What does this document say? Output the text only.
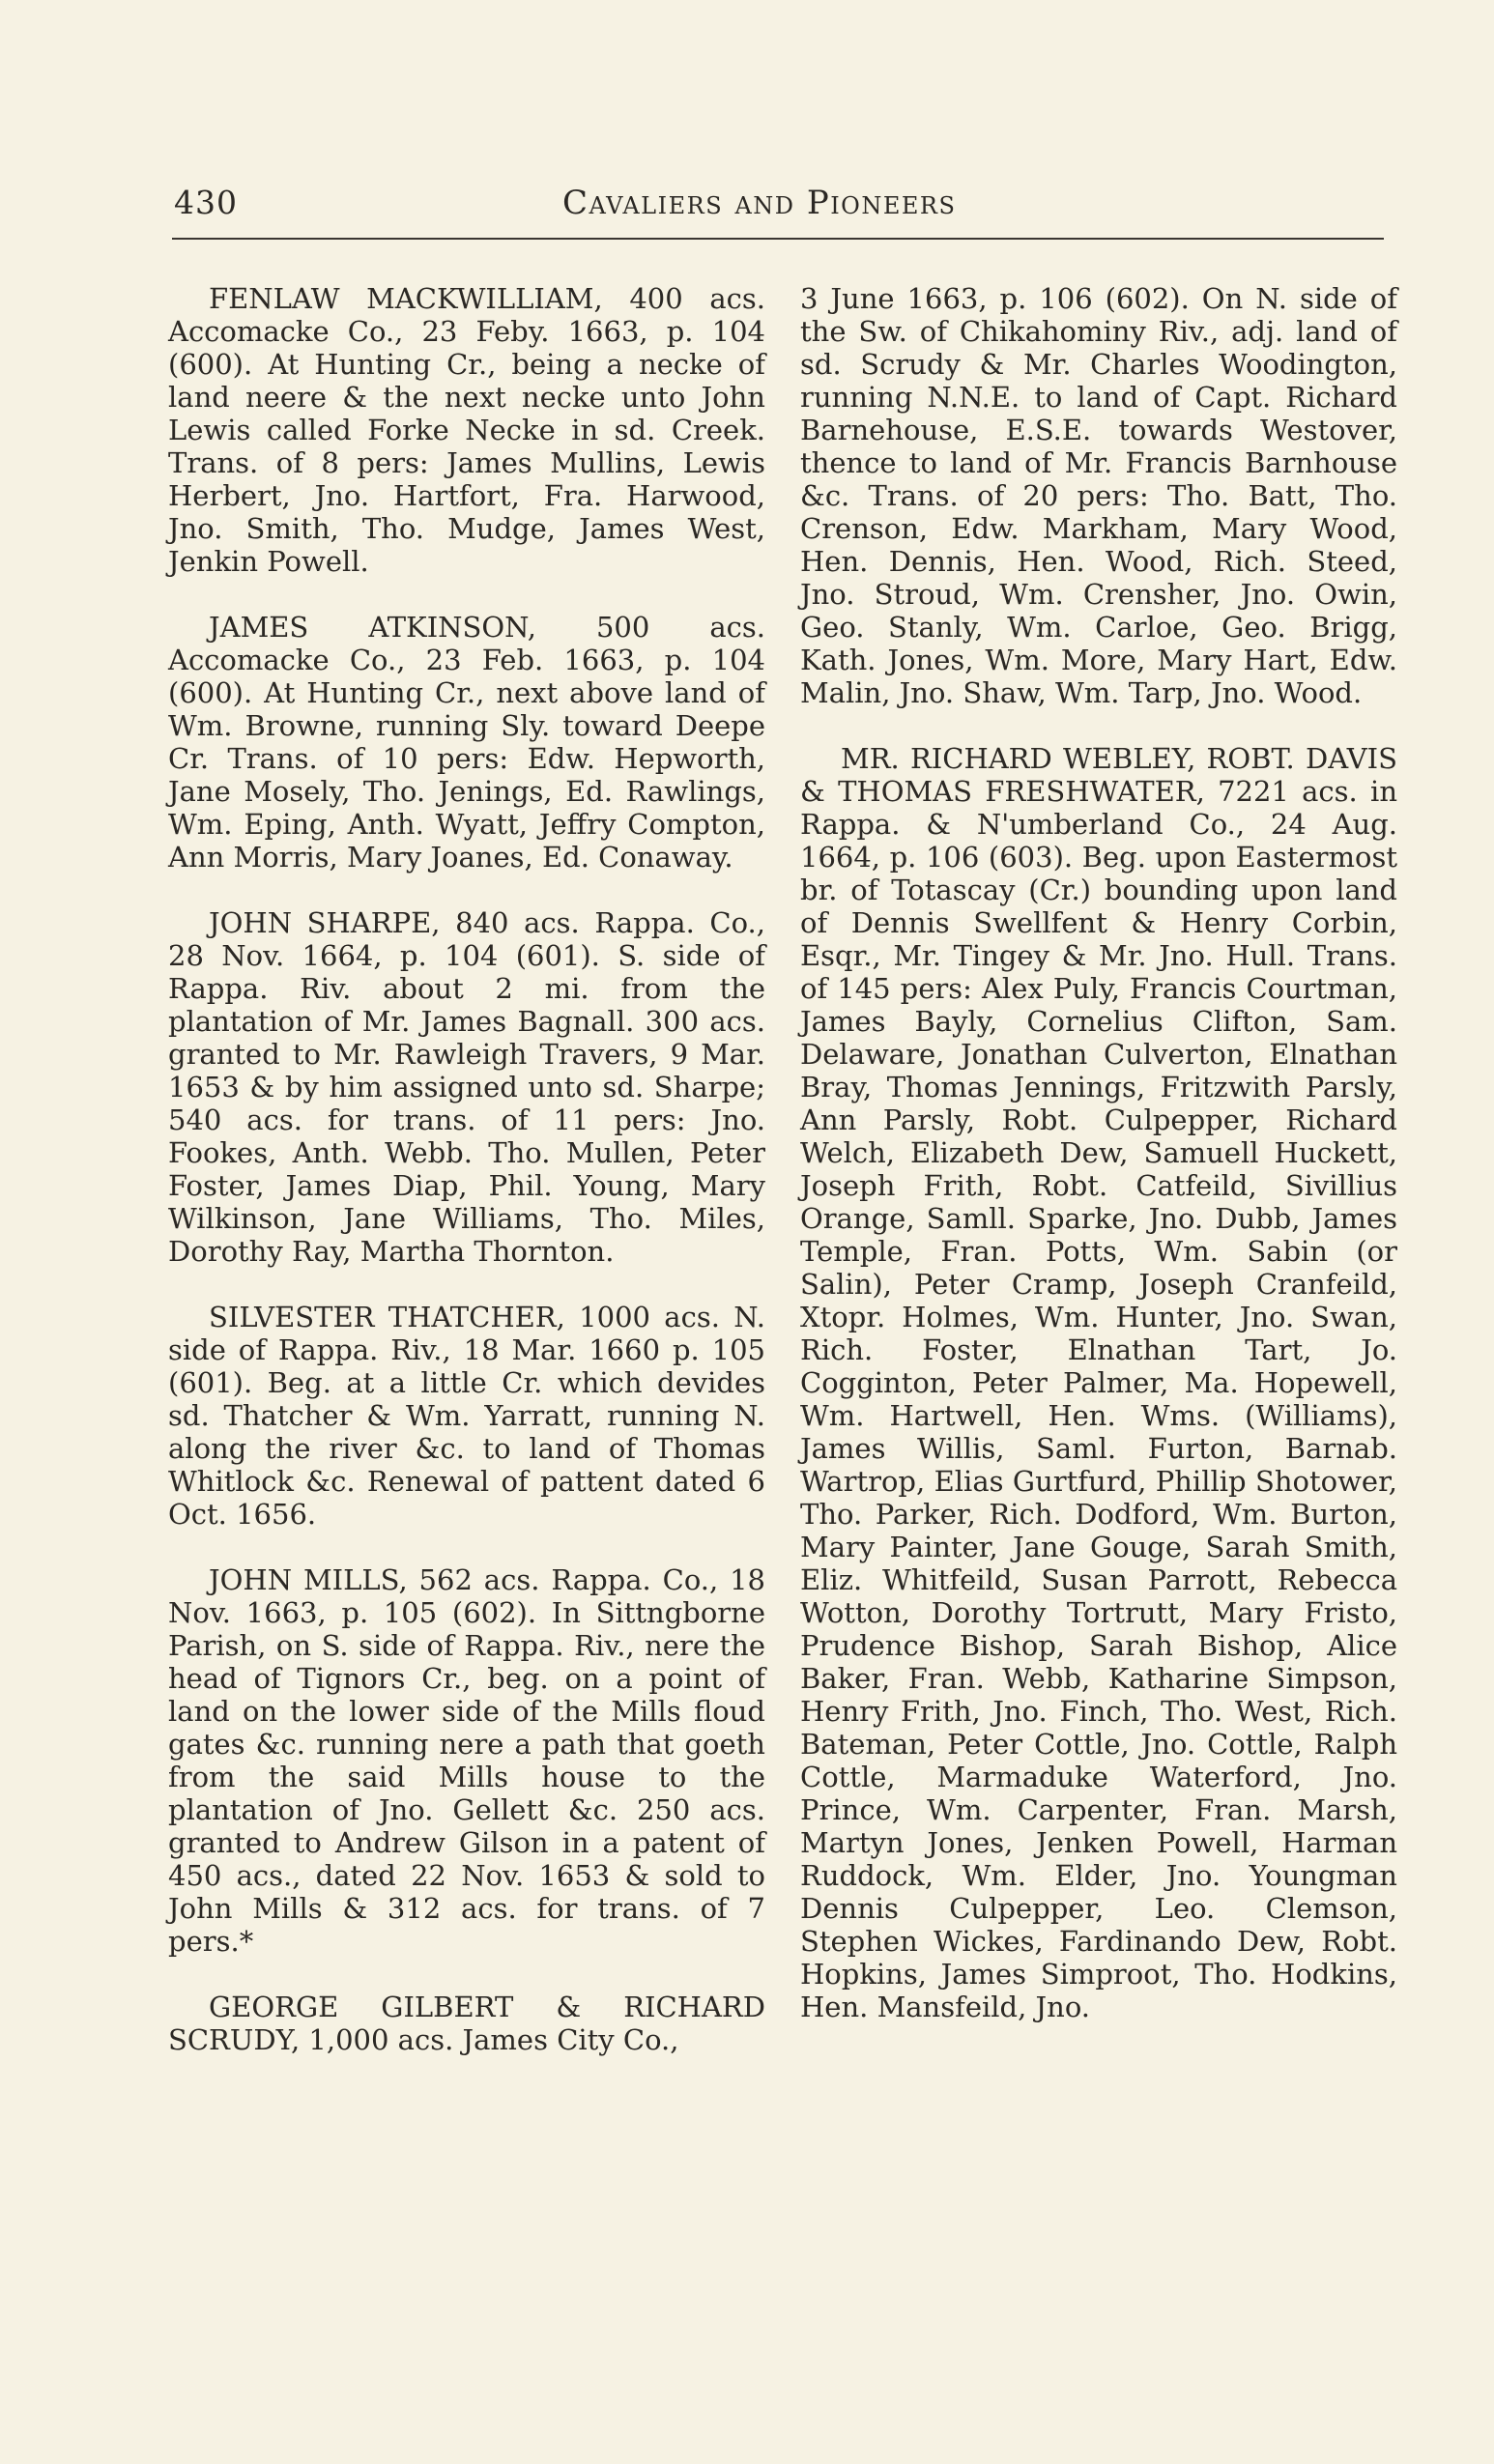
430	Cavaliers and Pioneers

FENLAW MACKWILLIAM, 400 acs. Accomacke Co., 23 Feby. 1663, p. 104 (600). At Hunting Cr., being a necke of land neere & the next necke unto John Lewis called Forke Necke in sd. Creek. Trans. of 8 pers: James Mullins, Lewis Herbert, Jno. Hartfort, Fra. Harwood, Jno. Smith, Tho. Mudge, James West, Jenkin Powell.

JAMES ATKINSON, 500 acs. Accomacke Co., 23 Feb. 1663, p. 104 (600). At Hunting Cr., next above land of Wm. Browne, running Sly. toward Deepe Cr. Trans. of 10 pers: Edw. Hepworth, Jane Mosely, Tho. Jenings, Ed. Rawlings, Wm. Eping, Anth. Wyatt, Jeffry Compton, Ann Morris, Mary Joanes, Ed. Conaway.

JOHN SHARPE, 840 acs. Rappa. Co., 28 Nov. 1664, p. 104 (601). S. side of Rappa. Riv. about 2 mi. from the plantation of Mr. James Bagnall. 300 acs. granted to Mr. Rawleigh Travers, 9 Mar. 1653 & by him assigned unto sd. Sharpe; 540 acs. for trans. of 11 pers: Jno. Fookes, Anth. Webb. Tho. Mullen, Peter Foster, James Diap, Phil. Young, Mary Wilkinson, Jane Williams, Tho. Miles, Dorothy Ray, Martha Thornton.

SILVESTER THATCHER, 1000 acs. N. side of Rappa. Riv., 18 Mar. 1660 p. 105 (601). Beg. at a little Cr. which devides sd. Thatcher & Wm. Yarratt, running N. along the river &c. to land of Thomas Whitlock &c. Renewal of pattent dated 6 Oct. 1656.

JOHN MILLS, 562 acs. Rappa. Co., 18 Nov. 1663, p. 105 (602). In Sittngborne Parish, on S. side of Rappa. Riv., nere the head of Tignors Cr., beg. on a point of land on the lower side of the Mills floud gates &c. running nere a path that goeth from the said Mills house to the plantation of Jno. Gellett &c. 250 acs. granted to Andrew Gilson in a patent of 450 acs., dated 22 Nov. 1653 & sold to John Mills & 312 acs. for trans. of 7 pers.*

GEORGE GILBERT & RICHARD SCRUDY, 1,000 acs. James City Co.,

3 June 1663, p. 106 (602). On N. side of the Sw. of Chikahominy Riv., adj. land of sd. Scrudy & Mr. Charles Woodington, running N.N.E. to land of Capt. Richard Barnehouse, E.S.E. towards Westover, thence to land of Mr. Francis Barnhouse &c. Trans. of 20 pers: Tho. Batt, Tho. Crenson, Edw. Markham, Mary Wood, Hen. Dennis, Hen. Wood, Rich. Steed, Jno. Stroud, Wm. Crensher, Jno. Owin, Geo. Stanly, Wm. Carloe, Geo. Brigg, Kath. Jones, Wm. More, Mary Hart, Edw. Malin, Jno. Shaw, Wm. Tarp, Jno. Wood.

MR. RICHARD WEBLEY, ROBT. DAVIS & THOMAS FRESHWATER, 7221 acs. in Rappa. & N'umberland Co., 24 Aug. 1664, p. 106 (603). Beg. upon Eastermost br. of Totascay (Cr.) bounding upon land of Dennis Swellfent & Henry Corbin, Esqr., Mr. Tingey & Mr. Jno. Hull. Trans. of 145 pers: Alex Puly, Francis Courtman, James Bayly, Cornelius Clifton, Sam. Delaware, Jonathan Culverton, Elnathan Bray, Thomas Jennings, Fritzwith Parsly, Ann Parsly, Robt. Culpepper, Richard Welch, Elizabeth Dew, Samuell Huckett, Joseph Frith, Robt. Catfeild, Sivillius Orange, Samll. Sparke, Jno. Dubb, James Temple, Fran. Potts, Wm. Sabin (or Salin), Peter Cramp, Joseph Cranfeild, Xtopr. Holmes, Wm. Hunter, Jno. Swan, Rich. Foster, Elnathan Tart, Jo. Cogginton, Peter Palmer, Ma. Hopewell, Wm. Hartwell, Hen. Wms. (Williams), James Willis, Saml. Furton, Barnab. Wartrop, Elias Gurtfurd, Phillip Shotower, Tho. Parker, Rich. Dodford, Wm. Burton, Mary Painter, Jane Gouge, Sarah Smith, Eliz. Whitfeild, Susan Parrott, Rebecca Wotton, Dorothy Tortrutt, Mary Fristo, Prudence Bishop, Sarah Bishop, Alice Baker, Fran. Webb, Katharine Simpson, Henry Frith, Jno. Finch, Tho. West, Rich. Bateman, Peter Cottle, Jno. Cottle, Ralph Cottle, Marmaduke Waterford, Jno. Prince, Wm. Carpenter, Fran. Marsh, Martyn Jones, Jenken Powell, Harman Ruddock, Wm. Elder, Jno. Youngman Dennis Culpepper, Leo. Clemson, Stephen Wickes, Fardinando Dew, Robt. Hopkins, James Simproot, Tho. Hodkins, Hen. Mansfeild, Jno.
